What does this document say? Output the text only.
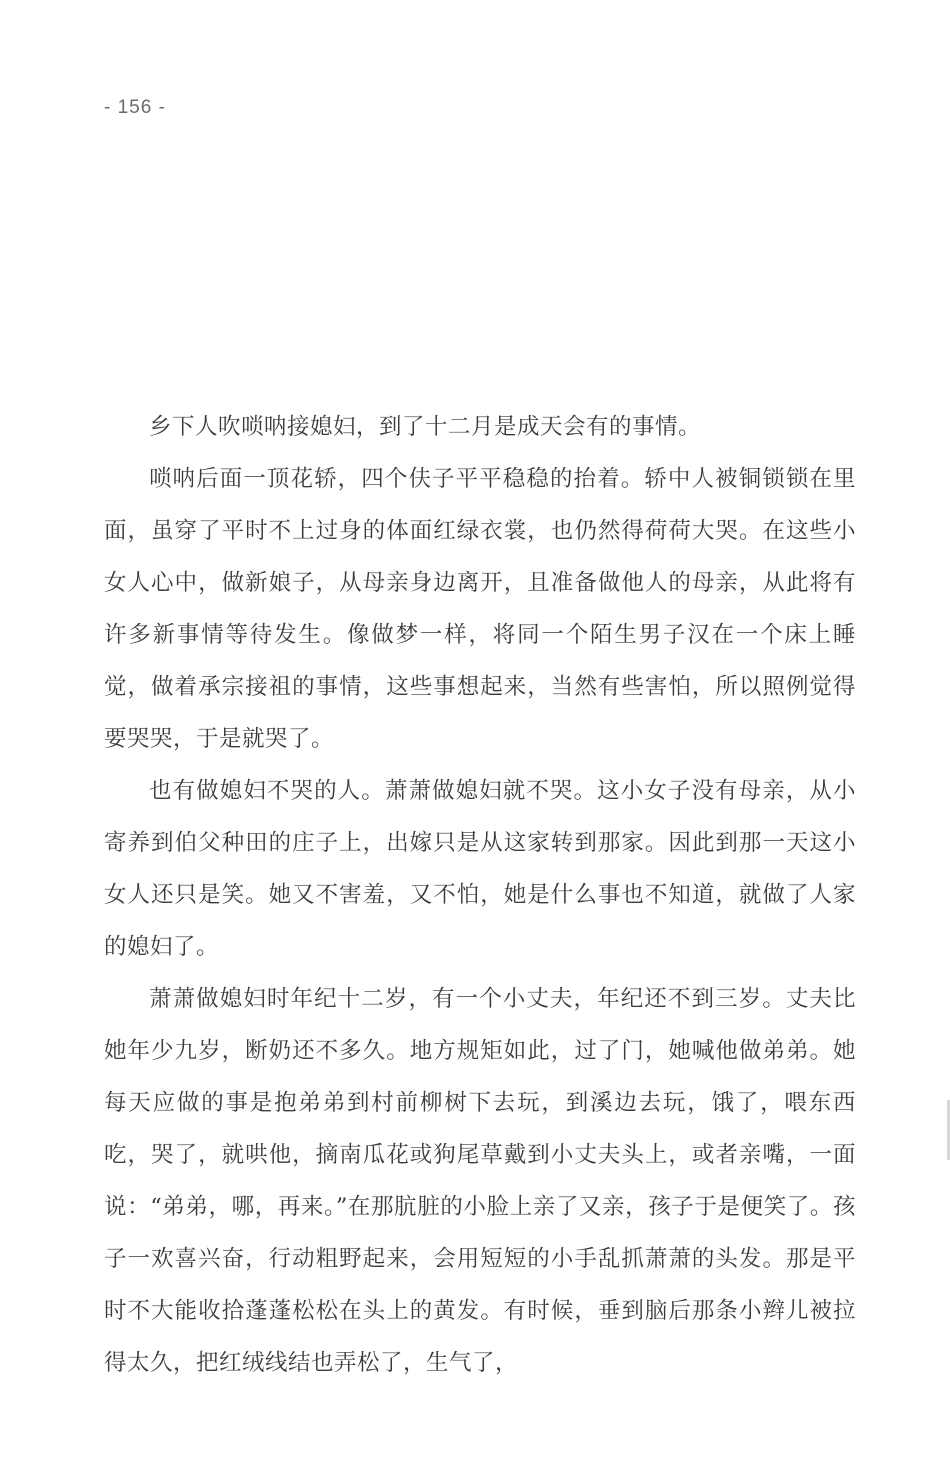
- 156 -

乡下人吹唢呐接媳妇，到了十二月是成天会有的事情。

唢呐后面一顶花轿，四个伕子平平稳稳的抬着。轿中人被铜锁锁在里面，虽穿了平时不上过身的体面红绿衣裳，也仍然得荷荷大哭。在这些小女人心中，做新娘子，从母亲身边离开，且准备做他人的母亲，从此将有许多新事情等待发生。像做梦一样，将同一个陌生男子汉在一个床上睡觉，做着承宗接祖的事情，这些事想起来，当然有些害怕，所以照例觉得要哭哭，于是就哭了。

也有做媳妇不哭的人。萧萧做媳妇就不哭。这小女子没有母亲，从小寄养到伯父种田的庄子上，出嫁只是从这家转到那家。因此到那一天这小女人还只是笑。她又不害羞，又不怕，她是什么事也不知道，就做了人家的媳妇了。

萧萧做媳妇时年纪十二岁，有一个小丈夫，年纪还不到三岁。丈夫比她年少九岁，断奶还不多久。地方规矩如此，过了门，她喊他做弟弟。她每天应做的事是抱弟弟到村前柳树下去玩，到溪边去玩，饿了，喂东西吃，哭了，就哄他，摘南瓜花或狗尾草戴到小丈夫头上，或者亲嘴，一面说：“弟弟，哪，再来。”在那肮脏的小脸上亲了又亲，孩子于是便笑了。孩子一欢喜兴奋，行动粗野起来，会用短短的小手乱抓萧萧的头发。那是平时不大能收拾蓬蓬松松在头上的黄发。有时候，垂到脑后那条小辫儿被拉得太久，把红绒线结也弄松了，生气了，
